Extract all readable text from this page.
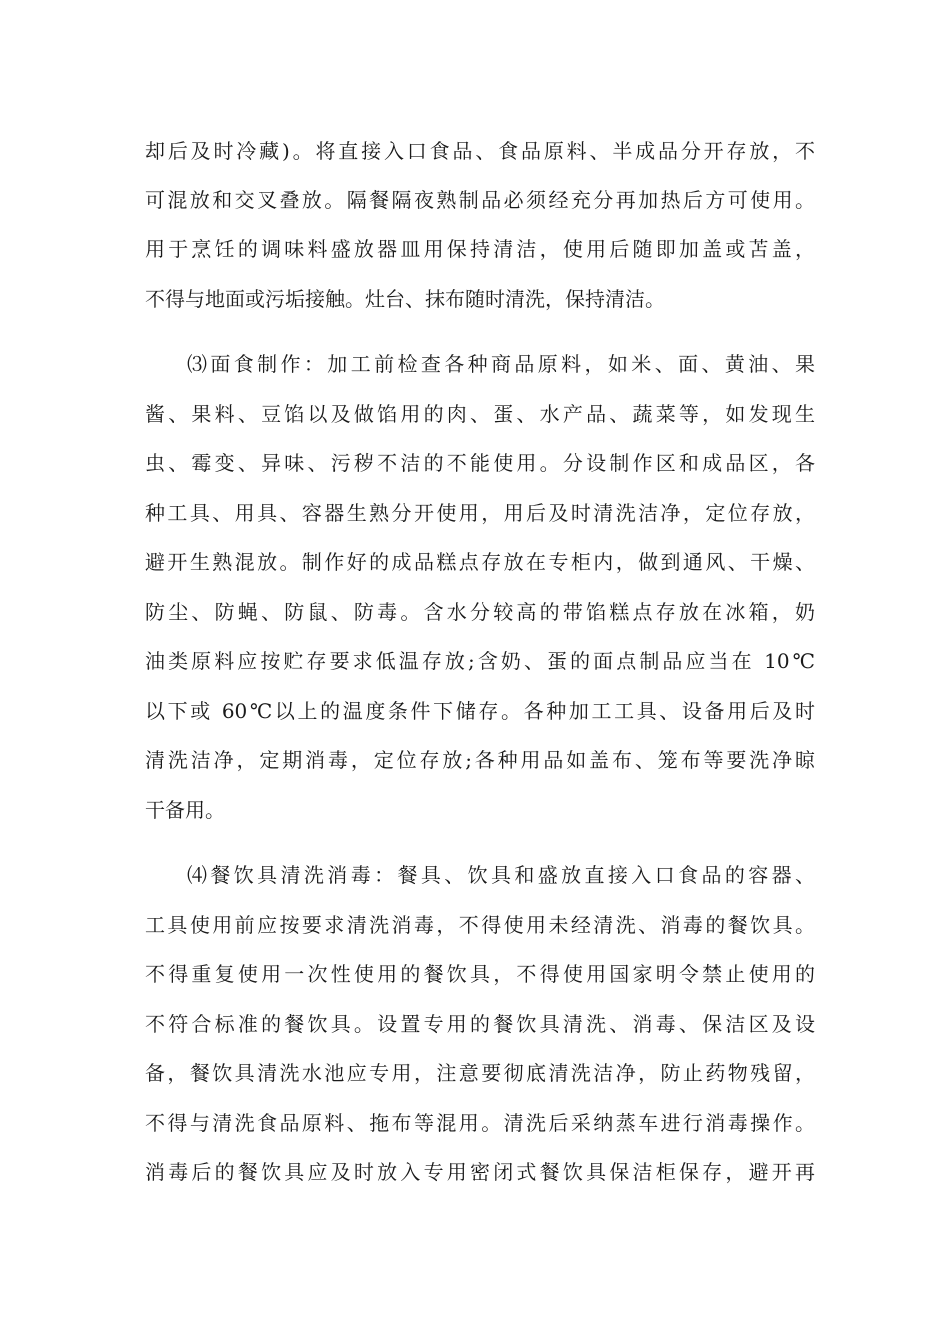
却后及时冷藏)。将直接入口食品、食品原料、半成品分开存放，不
可混放和交叉叠放。隔餐隔夜熟制品必须经充分再加热后方可使用。
用于烹饪的调味料盛放器皿用保持清洁，使用后随即加盖或苫盖，
不得与地面或污垢接触。灶台、抹布随时清洗，保持清洁。
⑶面食制作：加工前检查各种商品原料，如米、面、黄油、果
酱、果料、豆馅以及做馅用的肉、蛋、水产品、蔬菜等，如发现生
虫、霉变、异味、污秽不洁的不能使用。分设制作区和成品区，各
种工具、用具、容器生熟分开使用，用后及时清洗洁净，定位存放，
避开生熟混放。制作好的成品糕点存放在专柜内，做到通风、干燥、
防尘、防蝇、防鼠、防毒。含水分较高的带馅糕点存放在冰箱，奶
油类原料应按贮存要求低温存放;含奶、蛋的面点制品应当在 10℃
以下或 60℃以上的温度条件下储存。各种加工工具、设备用后及时
清洗洁净，定期消毒，定位存放;各种用品如盖布、笼布等要洗净晾
干备用。
⑷餐饮具清洗消毒：餐具、饮具和盛放直接入口食品的容器、
工具使用前应按要求清洗消毒，不得使用未经清洗、消毒的餐饮具。
不得重复使用一次性使用的餐饮具，不得使用国家明令禁止使用的
不符合标准的餐饮具。设置专用的餐饮具清洗、消毒、保洁区及设
备，餐饮具清洗水池应专用，注意要彻底清洗洁净，防止药物残留，
不得与清洗食品原料、拖布等混用。清洗后采纳蒸车进行消毒操作。
消毒后的餐饮具应及时放入专用密闭式餐饮具保洁柜保存，避开再
